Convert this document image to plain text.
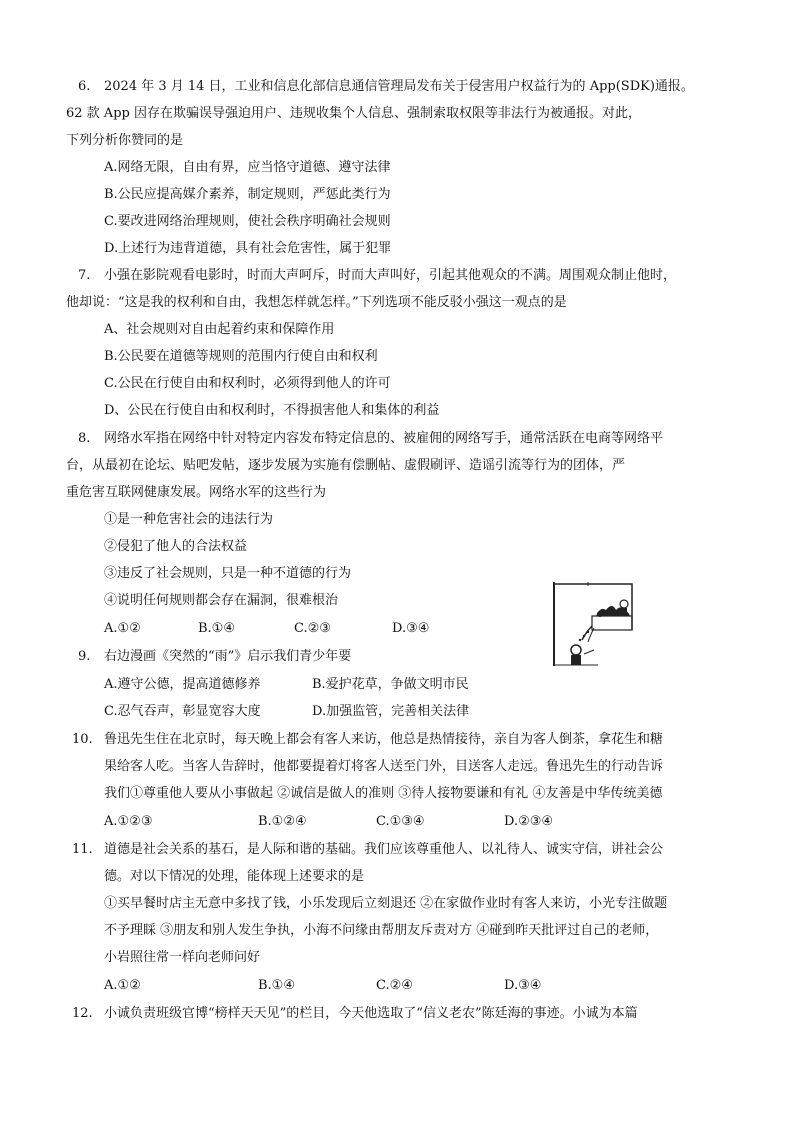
6. 2024 年 3 月 14 日，工业和信息化部信息通信管理局发布关于侵害用户权益行为的 App(SDK)通报。
62 款 App 因存在欺骗误导强迫用户、违规收集个人信息、强制索取权限等非法行为被通报。对此，
下列分析你赞同的是
A.网络无限，自由有界，应当恪守道德、遵守法律
B.公民应提高媒介素养，制定规则，严惩此类行为
C.要改进网络治理规则，使社会秩序明确社会规则
D.上述行为违背道德，具有社会危害性，属于犯罪
7. 小强在影院观看电影时，时而大声呵斥，时而大声叫好，引起其他观众的不满。周围观众制止他时，
他却说：“这是我的权利和自由，我想怎样就怎样。”下列选项不能反驳小强这一观点的是
A、社会规则对自由起着约束和保障作用
B.公民要在道德等规则的范围内行使自由和权利
C.公民在行使自由和权利时，必须得到他人的许可
D、公民在行使自由和权利时，不得损害他人和集体的利益
8. 网络水军指在网络中针对特定内容发布特定信息的、被雇佣的网络写手，通常活跃在电商等网络平
台，从最初在论坛、贴吧发帖，逐步发展为实施有偿删帖、虚假刷评、造谣引流等行为的团体，严
重危害互联网健康发展。网络水军的这些行为
①是一种危害社会的违法行为
②侵犯了他人的合法权益
③违反了社会规则，只是一种不道德的行为
④说明任何规则都会存在漏洞，很难根治
A.①②	B.①④	C.②③	D.③④
9. 右边漫画《突然的“雨”》启示我们青少年要
A.遵守公德，提高道德修养	B.爱护花草，争做文明市民
C.忍气吞声，彰显宽容大度	D.加强监管，完善相关法律
10. 鲁迅先生住在北京时，每天晚上都会有客人来访，他总是热情接待，亲自为客人倒茶，拿花生和糖
果给客人吃。当客人告辞时，他都要提着灯将客人送至门外，目送客人走远。鲁迅先生的行动告诉
我们①尊重他人要从小事做起 ②诚信是做人的准则 ③待人接物要谦和有礼 ④友善是中华传统美德
A.①②③	B.①②④	C.①③④	D.②③④
11. 道德是社会关系的基石，是人际和谐的基础。我们应该尊重他人、以礼待人、诚实守信，讲社会公
德。对以下情况的处理，能体现上述要求的是
①买早餐时店主无意中多找了钱，小乐发现后立刻退还 ②在家做作业时有客人来访，小光专注做题
不予理睬 ③朋友和别人发生争执，小海不问缘由帮朋友斥责对方 ④碰到昨天批评过自己的老师，
小岩照往常一样向老师问好
A.①②	B.①④	C.②④	D.③④
12. 小诚负责班级官博“榜样天天见”的栏目，今天他选取了“信义老农”陈廷海的事迹。小诚为本篇
